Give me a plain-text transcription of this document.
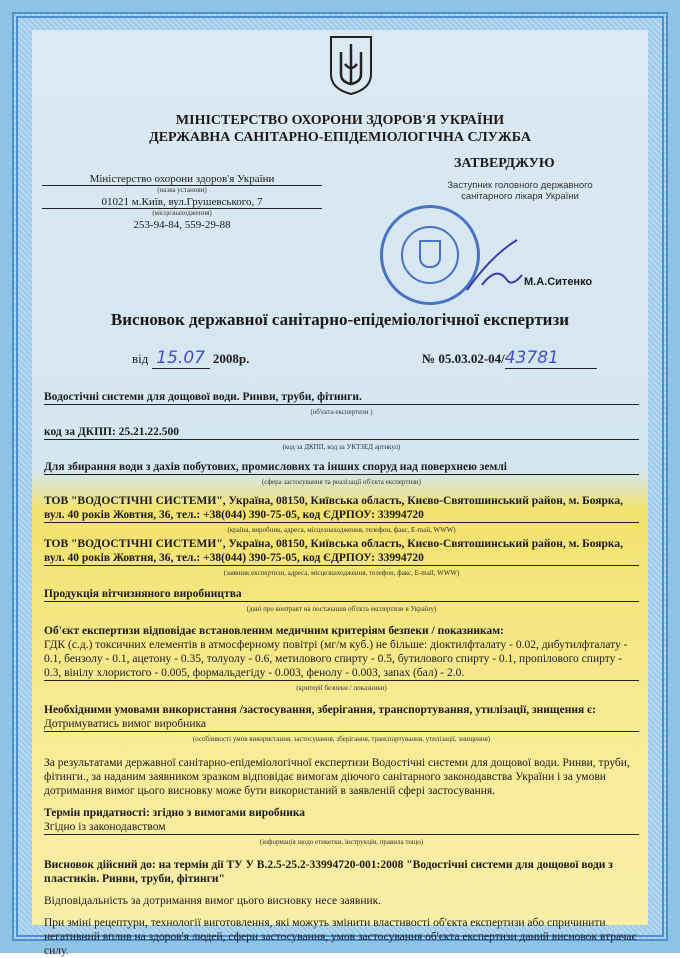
МІНІСТЕРСТВО ОХОРОНИ ЗДОРОВ'Я УКРАЇНИ
ДЕРЖАВНА САНІТАРНО-ЕПІДЕМІОЛОГІЧНА СЛУЖБА
Міністерство охорони здоров'я України
(назва установи)
01021 м.Київ, вул.Грушевського, 7
(місцезнаходження)
253-94-84, 559-29-88
ЗАТВЕРДЖУЮ
Заступник головного державного санітарного лікаря України
М.А.Ситенко
Висновок державної санітарно-епідеміологічної експертизи
від 15.07 2008р.	№ 05.03.02-04/43781
Водостічні системи для дощової води. Ринви, труби, фітинги.
(об'єкта експертизи )
код за ДКПП: 25.21.22.500
(код за ДКПП, код за УКТЗЕД артикул)
Для збирання води з дахів побутових, промислових та інших споруд над поверхнею землі
(сфера застосування та реалізації об'єкта експертизи)
ТОВ "ВОДОСТІЧНІ СИСТЕМИ", Україна, 08150, Київська область, Києво-Святошинський район, м. Боярка, вул. 40 років Жовтня, 36, тел.: +38(044) 390-75-05, код ЄДРПОУ: 33994720
(країна, виробник, адреса, місцезнаходження, телефон, факс, E-mail, WWW)
ТОВ "ВОДОСТІЧНІ СИСТЕМИ", Україна, 08150, Київська область, Києво-Святошинський район, м. Боярка, вул. 40 років Жовтня, 36, тел.: +38(044) 390-75-05, код ЄДРПОУ: 33994720
(заявник експертизи, адреса, місцезнаходження, телефон, факс, E-mail, WWW)
Продукція вітчизняного виробництва
(дані про контракт на постачання об'єкта експертизи в Україну)
Об'єкт експертизи відповідає встановленим медичним критеріям безпеки / показникам:
ГДК (с.д.) токсичних елементів в атмосферному повітрі (мг/м куб.) не більше: діоктилфталату - 0.02, дибутилфталату - 0.1, бензолу - 0.1, ацетону - 0.35, толуолу - 0.6, метилового спирту - 0.5, бутилового спирту - 0.1, пропілового спирту - 0.3, вінілу хлористого - 0.005, формальдегіду - 0.003, фенолу - 0.003, запах (бал) - 2.0.
(критерії безпеки / показники)
Необхідними умовами використання /застосування, зберігання, транспортування, утилізації, знищення є:
Дотримуватись вимог виробника
(особливості умов використання, застосування, зберігання, транспортування, утилізації, знищення)
За результатами державної санітарно-епідеміологічної експертизи Водостічні системи для дощової води. Ринви, труби, фітинги., за наданим заявником зразком відповідає вимогам діючого санітарного законодавства України і за умови дотримання вимог цього висновку може бути використаний в заявленій сфері застосування.
Термін придатності: згідно з вимогами виробника
Згідно із законодавством
(інформація щодо етикетки, інструкція, правила тощо)
Висновок дійсний до: на термін дії ТУ У В.2.5-25.2-33994720-001:2008 "Водостічні системи для дощової води з пластиків. Ринви, труби, фітинги"
Відповідальність за дотримання вимог цього висновку несе заявник.
При зміні рецептури, технології виготовлення, які можуть змінити властивості об'єкта експертизи або спричинити негативний вплив на здоров'я людей, сфери застосування, умов застосування об'єкта експертизи даний висновок втрачає силу.
